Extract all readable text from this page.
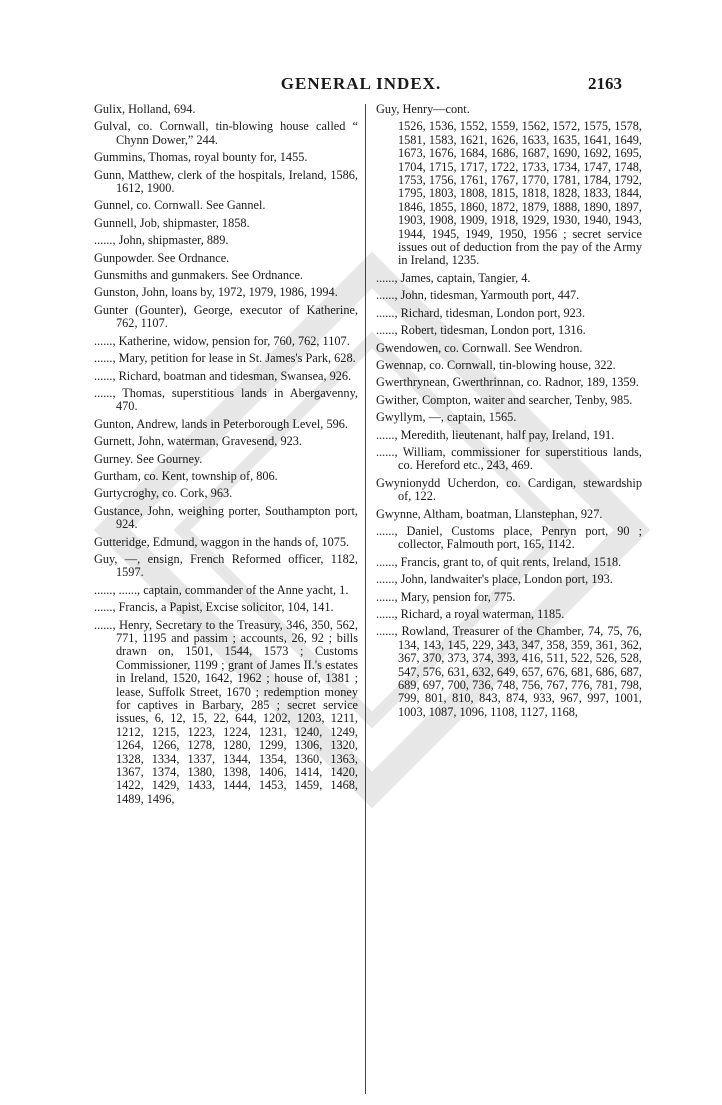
GENERAL INDEX.	2163

Gulix, Holland, 694.

Gulval, co. Cornwall, tin-blowing house called “ Chynn Dower,” 244.

Gummins, Thomas, royal bounty for, 1455.

Gunn, Matthew, clerk of the hospitals, Ireland, 1586, 1612, 1900.

Gunnel, co. Cornwall. See Gannel.

Gunnell, Job, shipmaster, 1858.

......, John, shipmaster, 889.

Gunpowder. See Ordnance.

Gunsmiths and gunmakers. See Ordnance.

Gunston, John, loans by, 1972, 1979, 1986, 1994.

Gunter (Gounter), George, executor of Katherine, 762, 1107.

......, Katherine, widow, pension for, 760, 762, 1107.

......, Mary, petition for lease in St. James's Park, 628.

......, Richard, boatman and tidesman, Swansea, 926.

......, Thomas, superstitious lands in Abergavenny, 470.

Gunton, Andrew, lands in Peterborough Level, 596.

Gurnett, John, waterman, Gravesend, 923.

Gurney. See Gourney.

Gurtham, co. Kent, township of, 806.

Gurtycroghy, co. Cork, 963.

Gustance, John, weighing porter, Southampton port, 924.

Gutteridge, Edmund, waggon in the hands of, 1075.

Guy, —, ensign, French Reformed officer, 1182, 1597.

......, ......, captain, commander of the Anne yacht, 1.

......, Francis, a Papist, Excise solicitor, 104, 141.

......, Henry, Secretary to the Treasury, 346, 350, 562, 771, 1195 and passim ; accounts, 26, 92 ; bills drawn on, 1501, 1544, 1573 ; Customs Commissioner, 1199 ; grant of James II.'s estates in Ireland, 1520, 1642, 1962 ; house of, 1381 ; lease, Suffolk Street, 1670 ; redemption money for captives in Barbary, 285 ; secret service issues, 6, 12, 15, 22, 644, 1202, 1203, 1211, 1212, 1215, 1223, 1224, 1231, 1240, 1249, 1264, 1266, 1278, 1280, 1299, 1306, 1320, 1328, 1334, 1337, 1344, 1354, 1360, 1363, 1367, 1374, 1380, 1398, 1406, 1414, 1420, 1422, 1429, 1433, 1444, 1453, 1459, 1468, 1489, 1496,

Guy, Henry—cont.

1526, 1536, 1552, 1559, 1562, 1572, 1575, 1578, 1581, 1583, 1621, 1626, 1633, 1635, 1641, 1649, 1673, 1676, 1684, 1686, 1687, 1690, 1692, 1695, 1704, 1715, 1717, 1722, 1733, 1734, 1747, 1748, 1753, 1756, 1761, 1767, 1770, 1781, 1784, 1792, 1795, 1803, 1808, 1815, 1818, 1828, 1833, 1844, 1846, 1855, 1860, 1872, 1879, 1888, 1890, 1897, 1903, 1908, 1909, 1918, 1929, 1930, 1940, 1943, 1944, 1945, 1949, 1950, 1956 ; secret service issues out of deduction from the pay of the Army in Ireland, 1235.

......, James, captain, Tangier, 4.

......, John, tidesman, Yarmouth port, 447.

......, Richard, tidesman, London port, 923.

......, Robert, tidesman, London port, 1316.

Gwendowen, co. Cornwall. See Wendron.

Gwennap, co. Cornwall, tin-blowing house, 322.

Gwerthrynean, Gwerthrinnan, co. Radnor, 189, 1359.

Gwither, Compton, waiter and searcher, Tenby, 985.

Gwyllym, —, captain, 1565.

......, Meredith, lieutenant, half pay, Ireland, 191.

......, William, commissioner for superstitious lands, co. Hereford etc., 243, 469.

Gwynionydd Ucherdon, co. Cardigan, stewardship of, 122.

Gwynne, Altham, boatman, Llanstephan, 927.

......, Daniel, Customs place, Penryn port, 90 ; collector, Falmouth port, 165, 1142.

......, Francis, grant to, of quit rents, Ireland, 1518.

......, John, landwaiter's place, London port, 193.

......, Mary, pension for, 775.

......, Richard, a royal waterman, 1185.

......, Rowland, Treasurer of the Chamber, 74, 75, 76, 134, 143, 145, 229, 343, 347, 358, 359, 361, 362, 367, 370, 373, 374, 393, 416, 511, 522, 526, 528, 547, 576, 631, 632, 649, 657, 676, 681, 686, 687, 689, 697, 700, 736, 748, 756, 767, 776, 781, 798, 799, 801, 810, 843, 874, 933, 967, 997, 1001, 1003, 1087, 1096, 1108, 1127, 1168,
